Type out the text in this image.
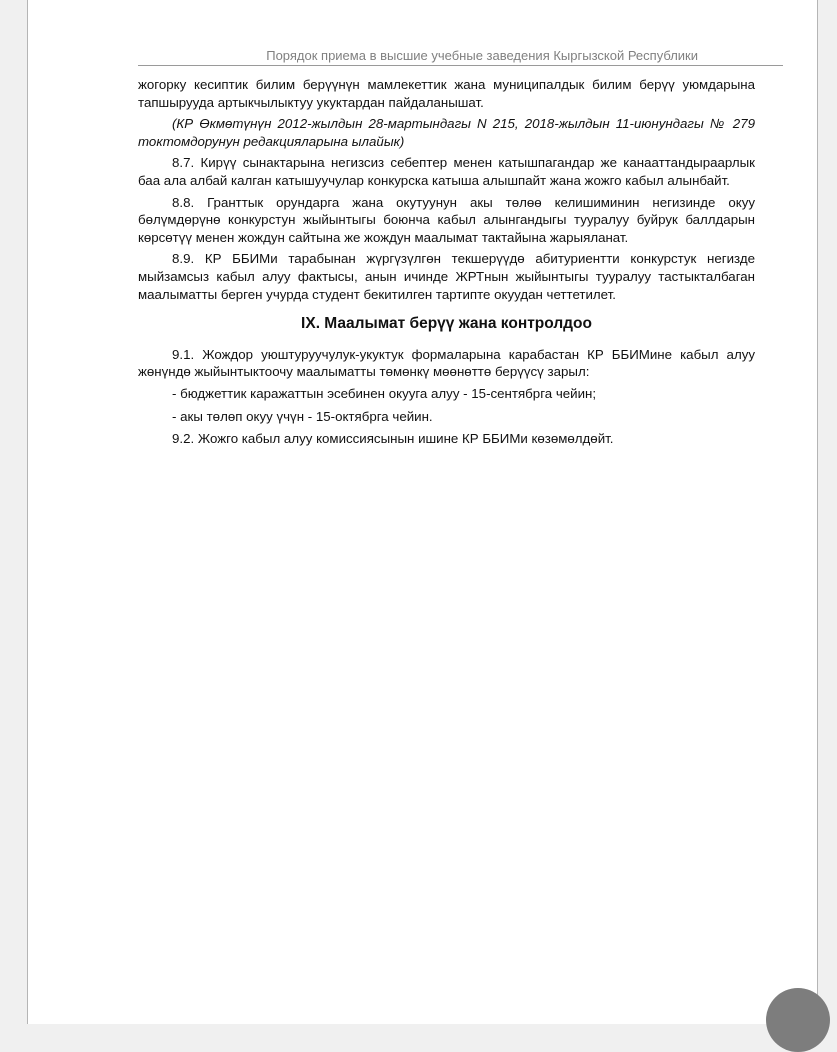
Порядок приема в высшие учебные заведения Кыргызской Республики

жогорку кесиптик билим берүүнүн мамлекеттик жана муниципалдык билим берүү уюмдарына тапшырууда артыкчылыктуу укуктардан пайдаланышат.

(КР Өкмөтүнүн 2012-жылдын 28-мартындагы N 215, 2018-жылдын 11-июнундагы № 279 токтомдорунун редакцияларына ылайык)

8.7. Кирүү сынактарына негизсиз себептер менен катышпагандар же канааттандыраарлык баа ала албай калган катышуучулар конкурска катыша алышпайт жана жожго кабыл алынбайт.

8.8. Гранттык орундарга жана окутуунун акы төлөө келишиминин негизинде окуу бөлүмдөрүнө конкурстун жыйынтыгы боюнча кабыл алынгандыгы тууралуу буйрук баллдарын көрсөтүү менен жождун сайтына же жождун маалымат тактайына жарыяланат.

8.9. КР ББИМи тарабынан жүргүзүлгөн текшерүүдө абитуриентти конкурстук негизде мыйзамсыз кабыл алуу фактысы, анын ичинде ЖРТнын жыйынтыгы тууралуу тастыкталбаган маалыматты берген учурда студент бекитилген тартипте окуудан четтетилет.

IX. Маалымат берүү жана контролдоо

9.1. Жождор уюштуруучулук-укуктук формаларына карабастан КР ББИМине кабыл алуу жөнүндө жыйынтыктоочу маалыматты төмөнкү мөөнөттө берүүсү зарыл:

- бюджеттик каражаттын эсебинен окууга алуу - 15-сентябрга чейин;

- акы төлөп окуу үчүн - 15-октябрга чейин.

9.2. Жожго кабыл алуу комиссиясынын ишине КР ББИМи көзөмөлдөйт.
